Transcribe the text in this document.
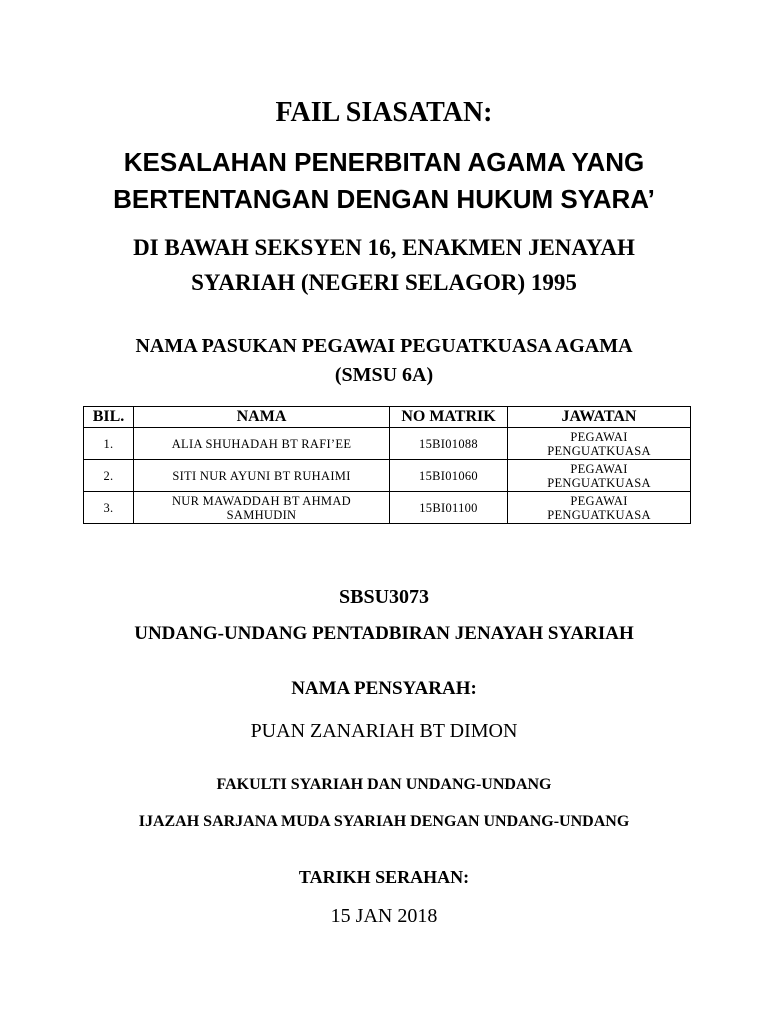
FAIL SIASATAN:

KESALAHAN PENERBITAN AGAMA YANG

BERTENTANGAN DENGAN HUKUM SYARA’

DI BAWAH SEKSYEN 16, ENAKMEN JENAYAH

SYARIAH (NEGERI SELAGOR) 1995

NAMA PASUKAN PEGAWAI PEGUATKUASA AGAMA

(SMSU 6A)

BIL.	NAMA	NO MATRIK	JAWATAN
1.	ALIA SHUHADAH BT RAFI’EE	15BI01088	PEGAWAI
PENGUATKUASA
2.	SITI NUR AYUNI BT RUHAIMI	15BI01060	PEGAWAI
PENGUATKUASA
3.	NUR MAWADDAH BT AHMAD
SAMHUDIN	15BI01100	PEGAWAI
PENGUATKUASA

SBSU3073

UNDANG-UNDANG PENTADBIRAN JENAYAH SYARIAH

NAMA PENSYARAH:

PUAN ZANARIAH BT DIMON

FAKULTI SYARIAH DAN UNDANG-UNDANG

IJAZAH SARJANA MUDA SYARIAH DENGAN UNDANG-UNDANG

TARIKH SERAHAN:

15 JAN 2018
